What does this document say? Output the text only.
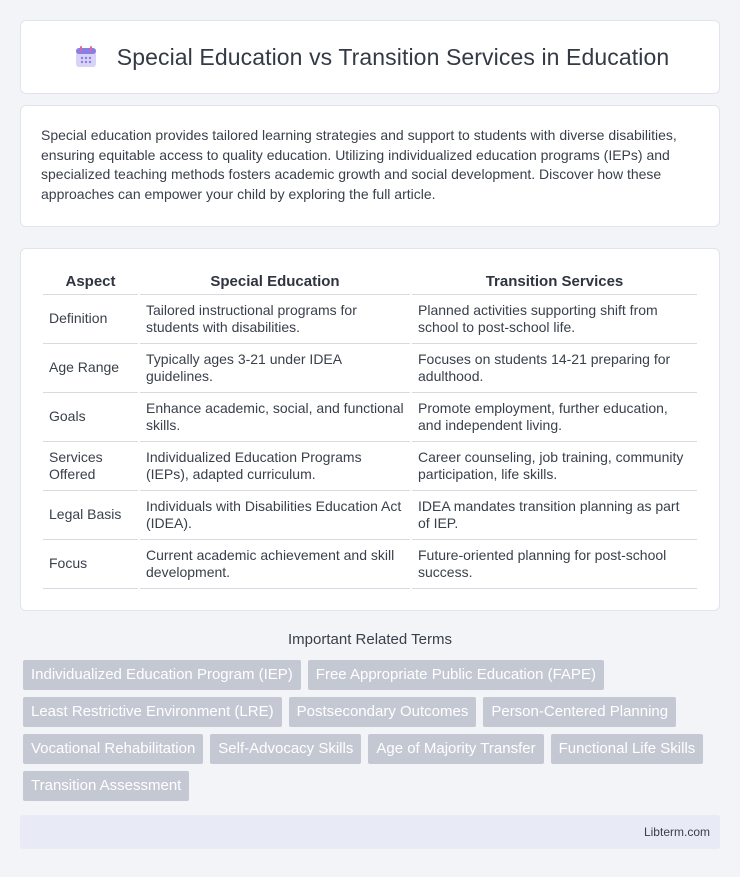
Special Education vs Transition Services in Education
Special education provides tailored learning strategies and support to students with diverse disabilities, ensuring equitable access to quality education. Utilizing individualized education programs (IEPs) and specialized teaching methods fosters academic growth and social development. Discover how these approaches can empower your child by exploring the full article.
Aspect	Special Education	Transition Services
Definition	Tailored instructional programs for students with disabilities.	Planned activities supporting shift from school to post-school life.
Age Range	Typically ages 3-21 under IDEA guidelines.	Focuses on students 14-21 preparing for adulthood.
Goals	Enhance academic, social, and functional skills.	Promote employment, further education, and independent living.
Services Offered	Individualized Education Programs (IEPs), adapted curriculum.	Career counseling, job training, community participation, life skills.
Legal Basis	Individuals with Disabilities Education Act (IDEA).	IDEA mandates transition planning as part of IEP.
Focus	Current academic achievement and skill development.	Future-oriented planning for post-school success.
Important Related Terms
Individualized Education Program (IEP)	Free Appropriate Public Education (FAPE)
Least Restrictive Environment (LRE)	Postsecondary Outcomes	Person-Centered Planning
Vocational Rehabilitation	Self-Advocacy Skills	Age of Majority Transfer	Functional Life Skills
Transition Assessment
Libterm.com
